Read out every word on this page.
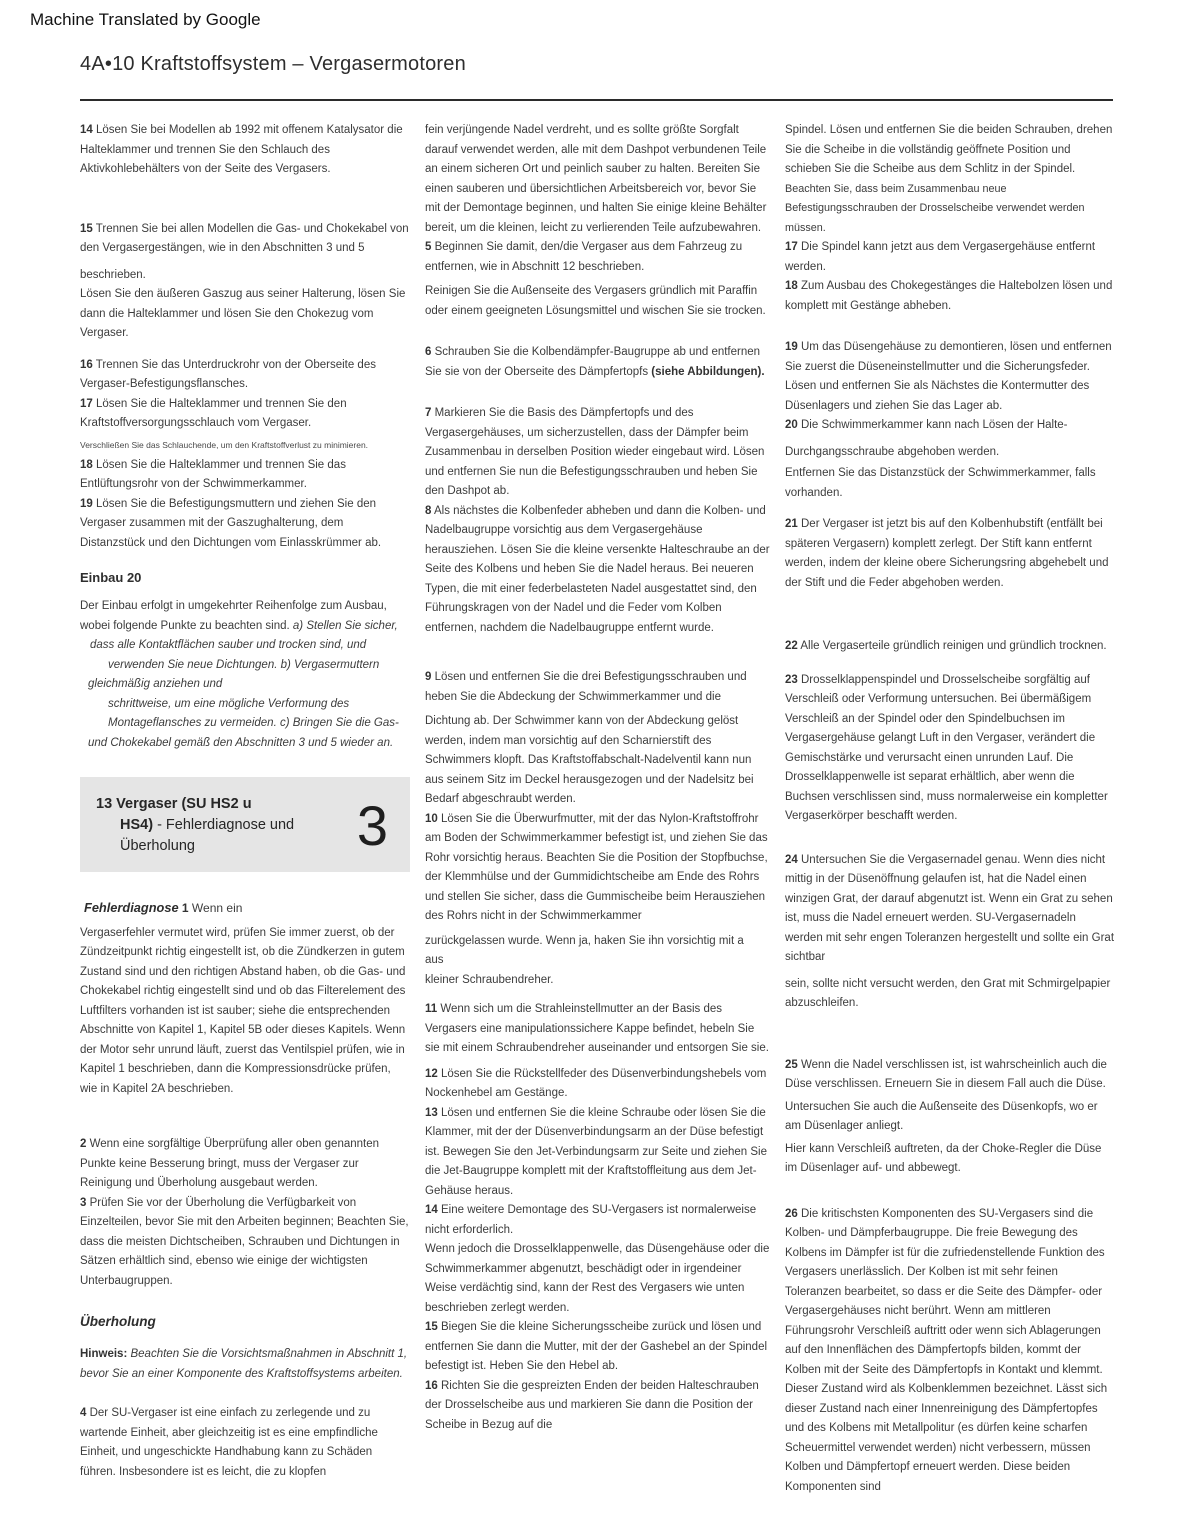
Machine Translated by Google
4A•10 Kraftstoffsystem – Vergasermotoren

14 Lösen Sie bei Modellen ab 1992 mit offenem Katalysator die Halteklammer und trennen Sie den Schlauch des Aktivkohlebehälters von der Seite des Vergasers.

15 Trennen Sie bei allen Modellen die Gas- und Chokekabel von den Vergasergestängen, wie in den Abschnitten 3 und 5

beschrieben.

Lösen Sie den äußeren Gaszug aus seiner Halterung, lösen Sie dann die Halteklammer und lösen Sie den Chokezug vom Vergaser.

16 Trennen Sie das Unterdruckrohr von der Oberseite des Vergaser-Befestigungsflansches.

17 Lösen Sie die Halteklammer und trennen Sie den Kraftstoffversorgungsschlauch vom Vergaser.

Verschließen Sie das Schlauchende, um den Kraftstoffverlust zu minimieren.

18 Lösen Sie die Halteklammer und trennen Sie das Entlüftungsrohr von der Schwimmerkammer.

19 Lösen Sie die Befestigungsmuttern und ziehen Sie den Vergaser zusammen mit der Gaszughalterung, dem Distanzstück und den Dichtungen vom Einlasskrümmer ab.

Einbau 20

Der Einbau erfolgt in umgekehrter Reihenfolge zum Ausbau,

wobei folgende Punkte zu beachten sind. a) Stellen Sie sicher,

dass alle Kontaktflächen sauber und trocken sind, und

verwenden Sie neue Dichtungen. b) Vergasermuttern

gleichmäßig anziehen und

schrittweise, um eine mögliche Verformung des

Montageflansches zu vermeiden. c) Bringen Sie die Gas-

und Chokekabel gemäß den Abschnitten 3 und 5 wieder an.

13 Vergaser (SU HS2 u
HS4) - Fehlerdiagnose und
Überholung	3

Fehlerdiagnose 1 Wenn ein

Vergaserfehler vermutet wird, prüfen Sie immer zuerst, ob der Zündzeitpunkt richtig eingestellt ist, ob die Zündkerzen in gutem Zustand sind und den richtigen Abstand haben, ob die Gas- und Chokekabel richtig eingestellt sind und ob das Filterelement des Luftfilters vorhanden ist ist sauber; siehe die entsprechenden Abschnitte von Kapitel 1, Kapitel 5B oder dieses Kapitels. Wenn der Motor sehr unrund läuft, zuerst das Ventilspiel prüfen, wie in Kapitel 1 beschrieben, dann die Kompressionsdrücke prüfen, wie in Kapitel 2A beschrieben.

2 Wenn eine sorgfältige Überprüfung aller oben genannten Punkte keine Besserung bringt, muss der Vergaser zur Reinigung und Überholung ausgebaut werden.

3 Prüfen Sie vor der Überholung die Verfügbarkeit von Einzelteilen, bevor Sie mit den Arbeiten beginnen; Beachten Sie, dass die meisten Dichtscheiben, Schrauben und Dichtungen in Sätzen erhältlich sind, ebenso wie einige der wichtigsten Unterbaugruppen.

Überholung

Hinweis: Beachten Sie die Vorsichtsmaßnahmen in Abschnitt 1, bevor Sie an einer Komponente des Kraftstoffsystems arbeiten.

4 Der SU-Vergaser ist eine einfach zu zerlegende und zu wartende Einheit, aber gleichzeitig ist es eine empfindliche Einheit, und ungeschickte Handhabung kann zu Schäden führen. Insbesondere ist es leicht, die zu klopfen

fein verjüngende Nadel verdreht, und es sollte größte Sorgfalt darauf verwendet werden, alle mit dem Dashpot verbundenen Teile an einem sicheren Ort und peinlich sauber zu halten. Bereiten Sie einen sauberen und übersichtlichen Arbeitsbereich vor, bevor Sie mit der Demontage beginnen, und halten Sie einige kleine Behälter bereit, um die kleinen, leicht zu verlierenden Teile aufzubewahren.

5 Beginnen Sie damit, den/die Vergaser aus dem Fahrzeug zu entfernen, wie in Abschnitt 12 beschrieben.

Reinigen Sie die Außenseite des Vergasers gründlich mit Paraffin oder einem geeigneten Lösungsmittel und wischen Sie sie trocken.

6 Schrauben Sie die Kolbendämpfer-Baugruppe ab und entfernen Sie sie von der Oberseite des Dämpfertopfs (siehe Abbildungen).

7 Markieren Sie die Basis des Dämpfertopfs und des Vergasergehäuses, um sicherzustellen, dass der Dämpfer beim Zusammenbau in derselben Position wieder eingebaut wird. Lösen und entfernen Sie nun die Befestigungsschrauben und heben Sie den Dashpot ab.

8 Als nächstes die Kolbenfeder abheben und dann die Kolben- und Nadelbaugruppe vorsichtig aus dem Vergasergehäuse herausziehen. Lösen Sie die kleine versenkte Halteschraube an der Seite des Kolbens und heben Sie die Nadel heraus. Bei neueren Typen, die mit einer federbelasteten Nadel ausgestattet sind, den Führungskragen von der Nadel und die Feder vom Kolben entfernen, nachdem die Nadelbaugruppe entfernt wurde.

9 Lösen und entfernen Sie die drei Befestigungsschrauben und heben Sie die Abdeckung der Schwimmerkammer und die

Dichtung ab. Der Schwimmer kann von der Abdeckung gelöst werden, indem man vorsichtig auf den Scharnierstift des Schwimmers klopft. Das Kraftstoffabschalt-Nadelventil kann nun aus seinem Sitz im Deckel herausgezogen und der Nadelsitz bei Bedarf abgeschraubt werden.

10 Lösen Sie die Überwurfmutter, mit der das Nylon-Kraftstoffrohr am Boden der Schwimmerkammer befestigt ist, und ziehen Sie das Rohr vorsichtig heraus. Beachten Sie die Position der Stopfbuchse, der Klemmhülse und der Gummidichtscheibe am Ende des Rohrs und stellen Sie sicher, dass die Gummischeibe beim Herausziehen des Rohrs nicht in der Schwimmerkammer

zurückgelassen wurde. Wenn ja, haken Sie ihn vorsichtig mit a

aus

kleiner Schraubendreher.

11 Wenn sich um die Strahleinstellmutter an der Basis des Vergasers eine manipulationssichere Kappe befindet, hebeln Sie sie mit einem Schraubendreher auseinander und entsorgen Sie sie.

12 Lösen Sie die Rückstellfeder des Düsenverbindungshebels vom Nockenhebel am Gestänge.

13 Lösen und entfernen Sie die kleine Schraube oder lösen Sie die Klammer, mit der der Düsenverbindungsarm an der Düse befestigt ist. Bewegen Sie den Jet-Verbindungsarm zur Seite und ziehen Sie die Jet-Baugruppe komplett mit der Kraftstoffleitung aus dem Jet-Gehäuse heraus.

14 Eine weitere Demontage des SU-Vergasers ist normalerweise nicht erforderlich.

Wenn jedoch die Drosselklappenwelle, das Düsengehäuse oder die Schwimmerkammer abgenutzt, beschädigt oder in irgendeiner Weise verdächtig sind, kann der Rest des Vergasers wie unten beschrieben zerlegt werden.

15 Biegen Sie die kleine Sicherungsscheibe zurück und lösen und entfernen Sie dann die Mutter, mit der der Gashebel an der Spindel befestigt ist. Heben Sie den Hebel ab.

16 Richten Sie die gespreizten Enden der beiden Halteschrauben der Drosselscheibe aus und markieren Sie dann die Position der Scheibe in Bezug auf die

Spindel. Lösen und entfernen Sie die beiden Schrauben, drehen Sie die Scheibe in die vollständig geöffnete Position und schieben Sie die Scheibe aus dem Schlitz in der Spindel.

Beachten Sie, dass beim Zusammenbau neue Befestigungsschrauben der Drosselscheibe verwendet werden müssen.

17 Die Spindel kann jetzt aus dem Vergasergehäuse entfernt werden.

18 Zum Ausbau des Chokegestänges die Haltebolzen lösen und komplett mit Gestänge abheben.

19 Um das Düsengehäuse zu demontieren, lösen und entfernen Sie zuerst die Düseneinstellmutter und die Sicherungsfeder. Lösen und entfernen Sie als Nächstes die Kontermutter des Düsenlagers und ziehen Sie das Lager ab.

20 Die Schwimmerkammer kann nach Lösen der Halte-

Durchgangsschraube abgehoben werden.

Entfernen Sie das Distanzstück der Schwimmerkammer, falls vorhanden.

21 Der Vergaser ist jetzt bis auf den Kolbenhubstift (entfällt bei späteren Vergasern) komplett zerlegt. Der Stift kann entfernt werden, indem der kleine obere Sicherungsring abgehebelt und der Stift und die Feder abgehoben werden.

22 Alle Vergaserteile gründlich reinigen und gründlich trocknen.

23 Drosselklappenspindel und Drosselscheibe sorgfältig auf Verschleiß oder Verformung untersuchen. Bei übermäßigem Verschleiß an der Spindel oder den Spindelbuchsen im Vergasergehäuse gelangt Luft in den Vergaser, verändert die Gemischstärke und verursacht einen unrunden Lauf. Die Drosselklappenwelle ist separat erhältlich, aber wenn die Buchsen verschlissen sind, muss normalerweise ein kompletter Vergaserkörper beschafft werden.

24 Untersuchen Sie die Vergasernadel genau. Wenn dies nicht mittig in der Düsenöffnung gelaufen ist, hat die Nadel einen winzigen Grat, der darauf abgenutzt ist. Wenn ein Grat zu sehen ist, muss die Nadel erneuert werden. SU-Vergasernadeln werden mit sehr engen Toleranzen hergestellt und sollte ein Grat sichtbar

sein, sollte nicht versucht werden, den Grat mit Schmirgelpapier abzuschleifen.

25 Wenn die Nadel verschlissen ist, ist wahrscheinlich auch die Düse verschlissen. Erneuern Sie in diesem Fall auch die Düse.

Untersuchen Sie auch die Außenseite des Düsenkopfs, wo er am Düsenlager anliegt.

Hier kann Verschleiß auftreten, da der Choke-Regler die Düse im Düsenlager auf- und abbewegt.

26 Die kritischsten Komponenten des SU-Vergasers sind die Kolben- und Dämpferbaugruppe. Die freie Bewegung des Kolbens im Dämpfer ist für die zufriedenstellende Funktion des Vergasers unerlässlich. Der Kolben ist mit sehr feinen Toleranzen bearbeitet, so dass er die Seite des Dämpfer- oder Vergasergehäuses nicht berührt. Wenn am mittleren Führungsrohr Verschleiß auftritt oder wenn sich Ablagerungen auf den Innenflächen des Dämpfertopfs bilden, kommt der Kolben mit der Seite des Dämpfertopfs in Kontakt und klemmt. Dieser Zustand wird als Kolbenklemmen bezeichnet. Lässt sich dieser Zustand nach einer Innenreinigung des Dämpfertopfes und des Kolbens mit Metallpolitur (es dürfen keine scharfen Scheuermittel verwendet werden) nicht verbessern, müssen Kolben und Dämpfertopf erneuert werden. Diese beiden Komponenten sind
